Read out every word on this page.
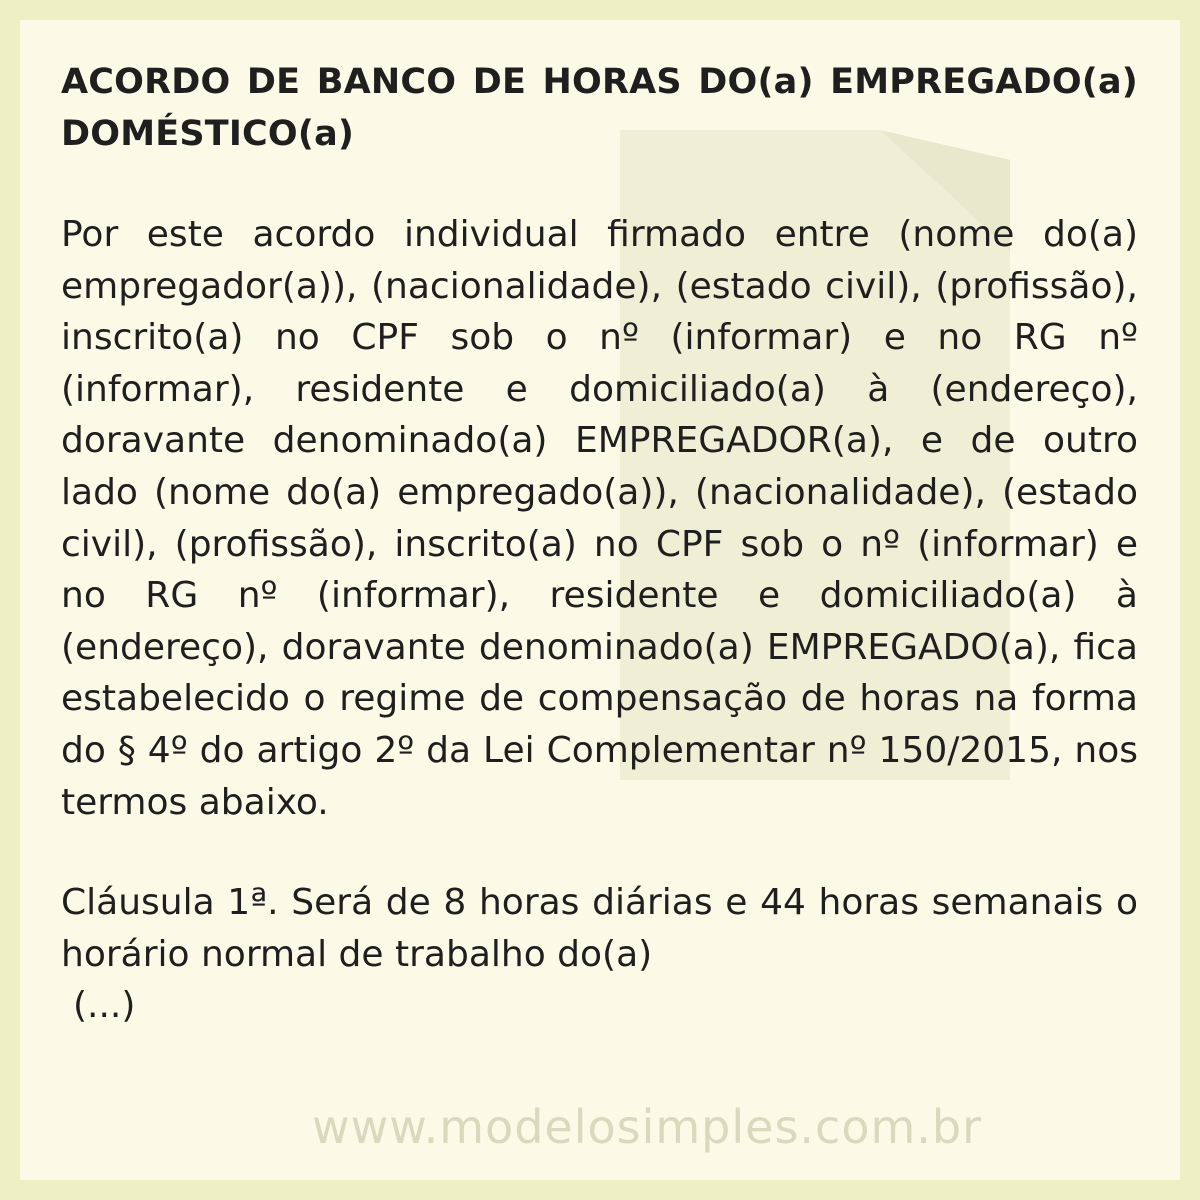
ACORDO DE BANCO DE HORAS DO(a) EMPREGADO(a) DOMÉSTICO(a)

Por este acordo individual firmado entre (nome do(a) empregador(a)), (nacionalidade), (estado civil), (profissão), inscrito(a) no CPF sob o nº (informar) e no RG nº (informar), residente e domiciliado(a) à (endereço), doravante denominado(a) EMPREGADOR(a), e de outro lado (nome do(a) empregado(a)), (nacionalidade), (estado civil), (profissão), inscrito(a) no CPF sob o nº (informar) e no RG nº (informar), residente e domiciliado(a) à (endereço), doravante denominado(a) EMPREGADO(a), fica estabelecido o regime de compensação de horas na forma do § 4º do artigo 2º da Lei Complementar nº 150/2015, nos termos abaixo.

Cláusula 1ª. Será de 8 horas diárias e 44 horas semanais o horário normal de trabalho do(a)

(...)

www.modelosimples.com.br
